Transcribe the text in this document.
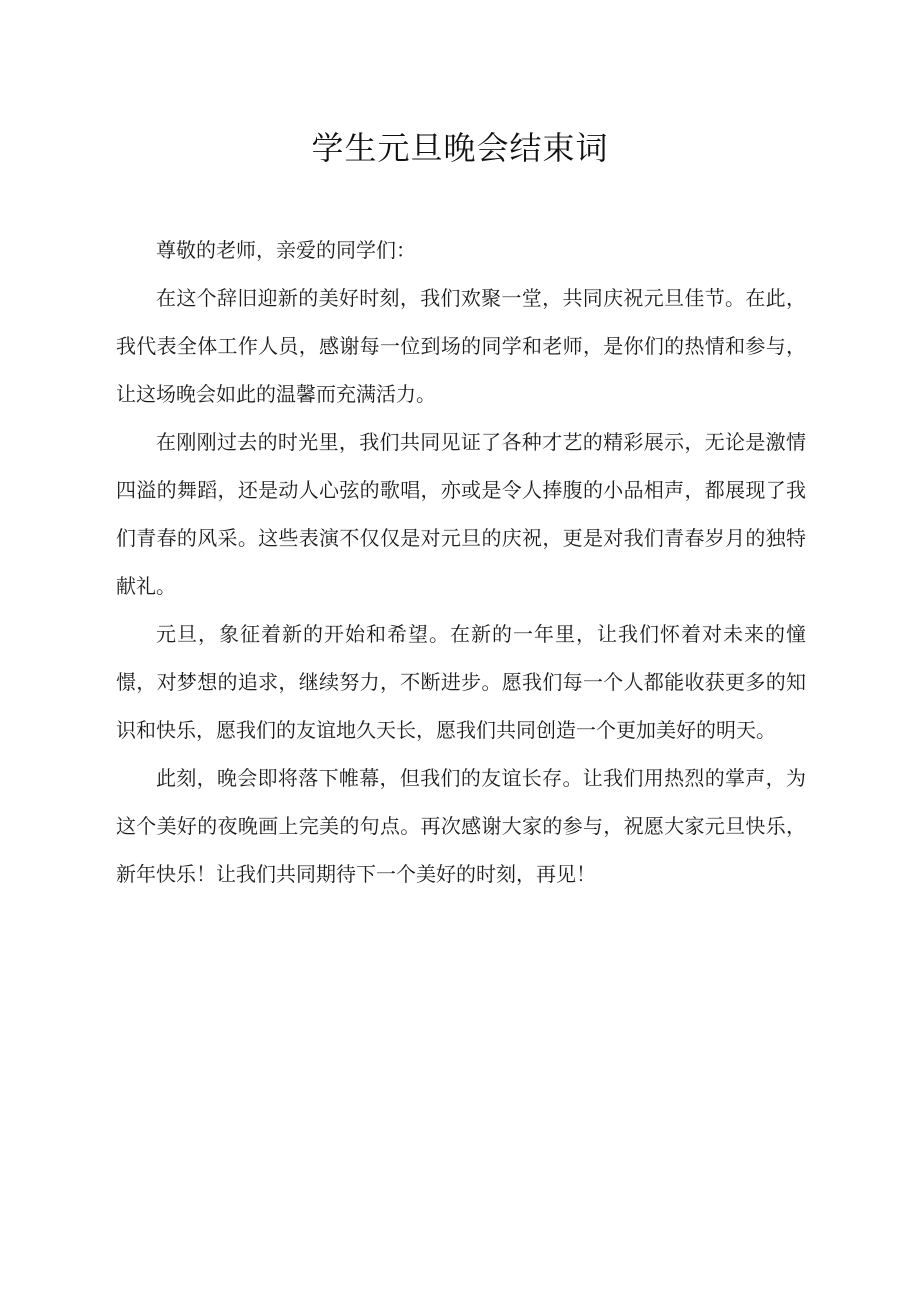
学生元旦晚会结束词

尊敬的老师，亲爱的同学们：

在这个辞旧迎新的美好时刻，我们欢聚一堂，共同庆祝元旦佳节。在此，我代表全体工作人员，感谢每一位到场的同学和老师，是你们的热情和参与，让这场晚会如此的温馨而充满活力。

在刚刚过去的时光里，我们共同见证了各种才艺的精彩展示，无论是激情四溢的舞蹈，还是动人心弦的歌唱，亦或是令人捧腹的小品相声，都展现了我们青春的风采。这些表演不仅仅是对元旦的庆祝，更是对我们青春岁月的独特献礼。

元旦，象征着新的开始和希望。在新的一年里，让我们怀着对未来的憧憬，对梦想的追求，继续努力，不断进步。愿我们每一个人都能收获更多的知识和快乐，愿我们的友谊地久天长，愿我们共同创造一个更加美好的明天。

此刻，晚会即将落下帷幕，但我们的友谊长存。让我们用热烈的掌声，为这个美好的夜晚画上完美的句点。再次感谢大家的参与，祝愿大家元旦快乐，新年快乐！让我们共同期待下一个美好的时刻，再见！
